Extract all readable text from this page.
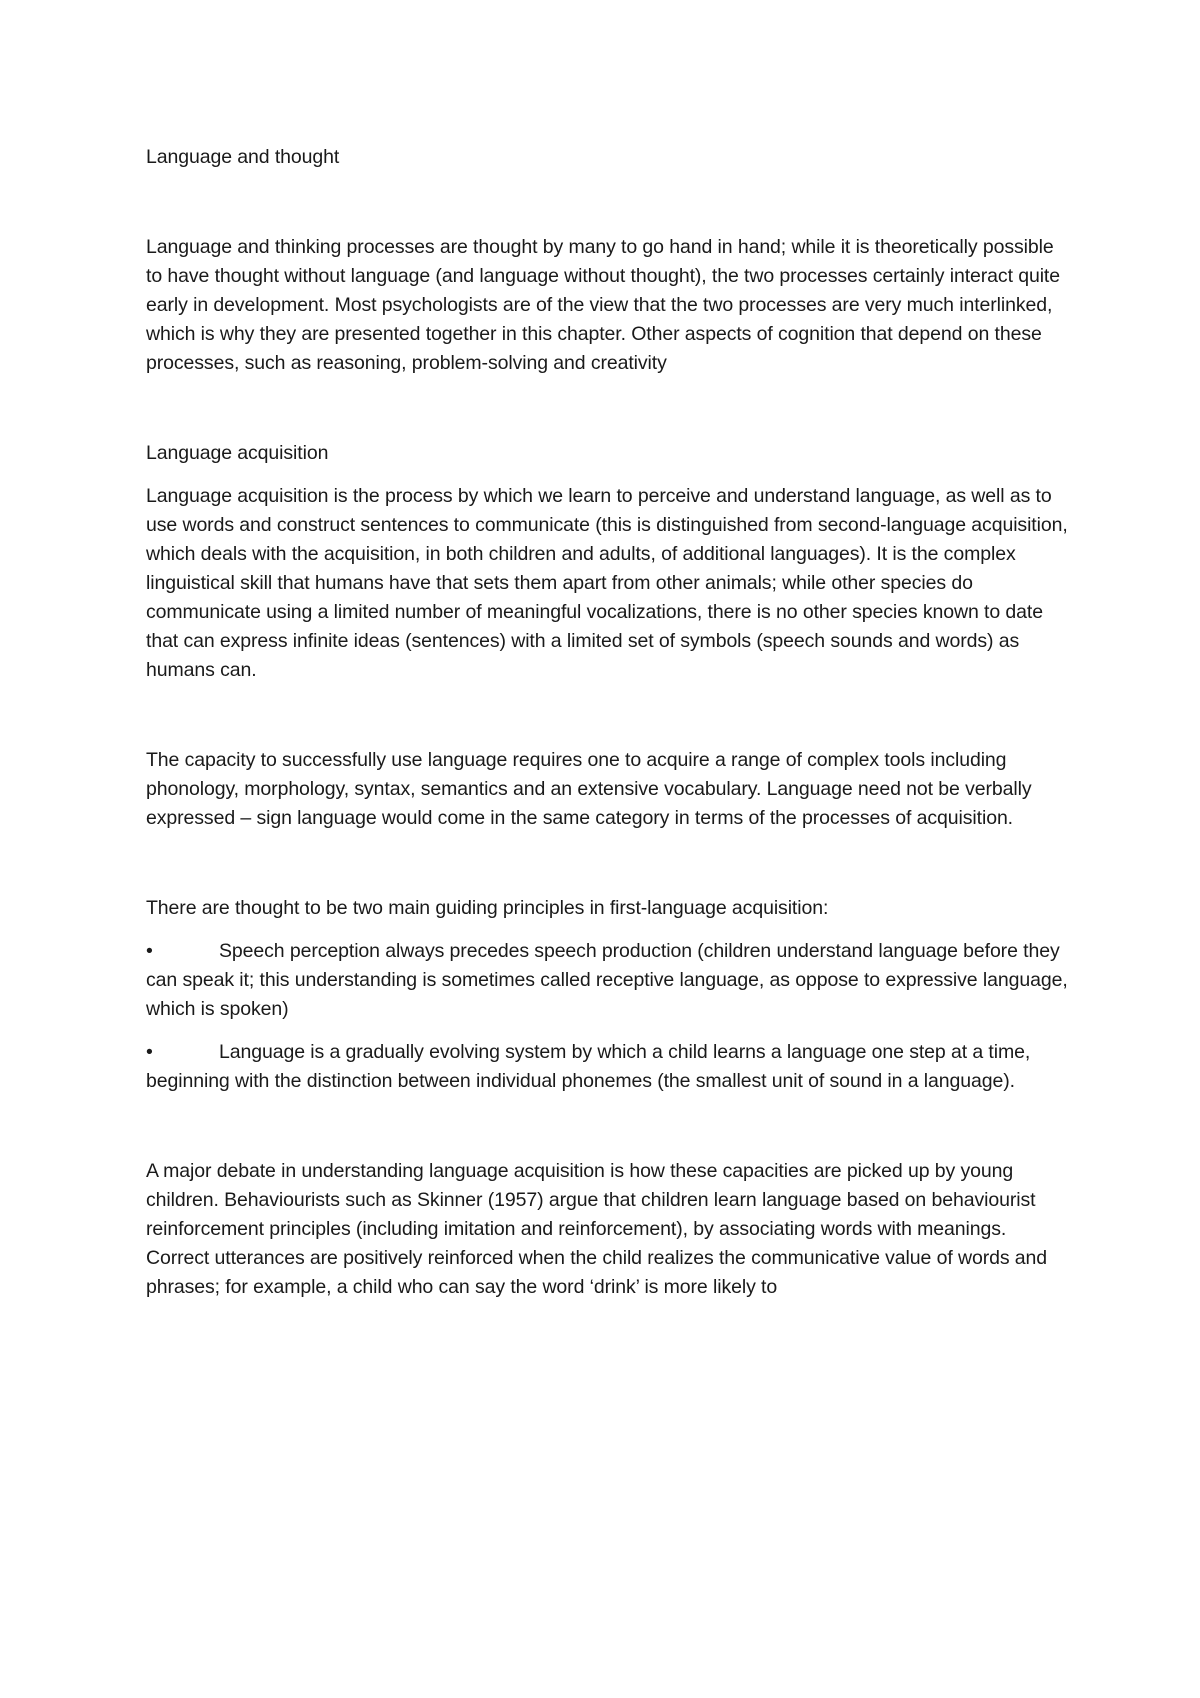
Language and thought

Language and thinking processes are thought by many to go hand in hand; while it is theoretically possible to have thought without language (and language without thought), the two processes certainly interact quite early in development. Most psychologists are of the view that the two processes are very much interlinked, which is why they are presented together in this chapter. Other aspects of cognition that depend on these processes, such as reasoning, problem-solving and creativity

Language acquisition

Language acquisition is the process by which we learn to perceive and understand language, as well as to use words and construct sentences to communicate (this is distinguished from second-language acquisition, which deals with the acquisition, in both children and adults, of additional languages). It is the complex linguistical skill that humans have that sets them apart from other animals; while other species do communicate using a limited number of meaningful vocalizations, there is no other species known to date that can express infinite ideas (sentences) with a limited set of symbols (speech sounds and words) as humans can.

The capacity to successfully use language requires one to acquire a range of complex tools including phonology, morphology, syntax, semantics and an extensive vocabulary. Language need not be verbally expressed – sign language would come in the same category in terms of the processes of acquisition.

There are thought to be two main guiding principles in first-language acquisition:

•	Speech perception always precedes speech production (children understand language before they can speak it; this understanding is sometimes called receptive language, as oppose to expressive language, which is spoken)

•	Language is a gradually evolving system by which a child learns a language one step at a time, beginning with the distinction between individual phonemes (the smallest unit of sound in a language).

A major debate in understanding language acquisition is how these capacities are picked up by young children. Behaviourists such as Skinner (1957) argue that children learn language based on behaviourist reinforcement principles (including imitation and reinforcement), by associating words with meanings. Correct utterances are positively reinforced when the child realizes the communicative value of words and phrases; for example, a child who can say the word ‘drink’ is more likely to
